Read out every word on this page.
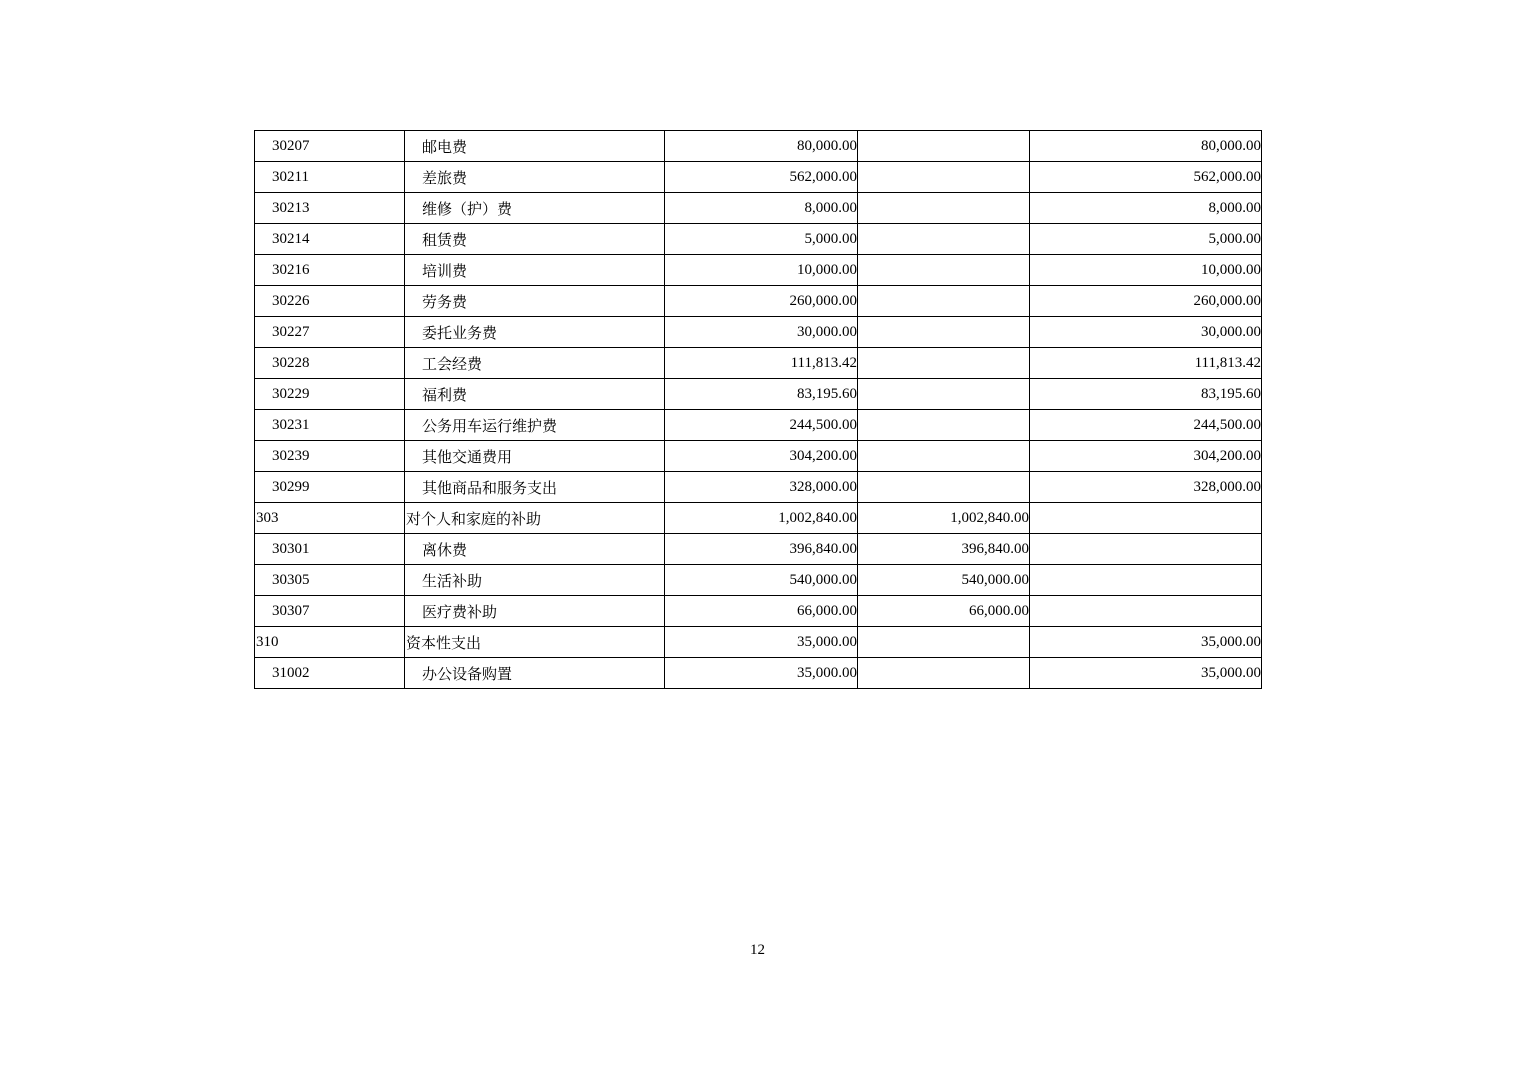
30207	邮电费	80,000.00		80,000.00
30211	差旅费	562,000.00		562,000.00
30213	维修（护）费	8,000.00		8,000.00
30214	租赁费	5,000.00		5,000.00
30216	培训费	10,000.00		10,000.00
30226	劳务费	260,000.00		260,000.00
30227	委托业务费	30,000.00		30,000.00
30228	工会经费	111,813.42		111,813.42
30229	福利费	83,195.60		83,195.60
30231	公务用车运行维护费	244,500.00		244,500.00
30239	其他交通费用	304,200.00		304,200.00
30299	其他商品和服务支出	328,000.00		328,000.00
303	对个人和家庭的补助	1,002,840.00	1,002,840.00	
30301	离休费	396,840.00	396,840.00	
30305	生活补助	540,000.00	540,000.00	
30307	医疗费补助	66,000.00	66,000.00	
310	资本性支出	35,000.00		35,000.00
31002	办公设备购置	35,000.00		35,000.00
12
